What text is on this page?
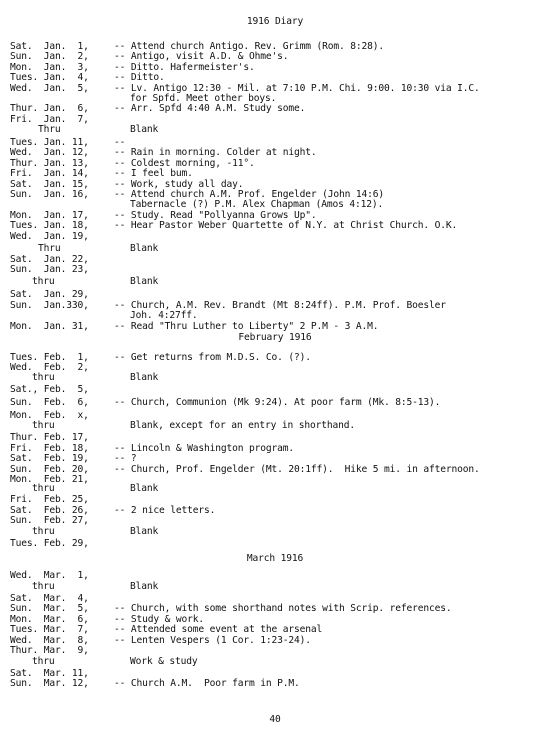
1916 Diary
Sat.  Jan.  1,	-- Attend church Antigo. Rev. Grimm (Rom. 8:28).
Sun.  Jan.  2,	-- Antigo, visit A.D. & Ohme's.
Mon.  Jan.  3,	-- Ditto. Hafermeister's.
Tues. Jan.  4,	-- Ditto.
Wed.  Jan.  5,	-- Lv. Antigo 12:30 - Mil. at 7:10 P.M. Chi. 9:00. 10:30 via I.C.
for Spfd. Meet other boys.
Thur. Jan.  6,	-- Arr. Spfd 4:40 A.M. Study some.
Fri.  Jan.  7,
Thru	Blank
Tues. Jan. 11,	--
Wed.  Jan. 12,	-- Rain in morning. Colder at night.
Thur. Jan. 13,	-- Coldest morning, -11°.
Fri.  Jan. 14,	-- I feel bum.
Sat.  Jan. 15,	-- Work, study all day.
Sun.  Jan. 16,	-- Attend church A.M. Prof. Engelder (John 14:6)
Tabernacle (?) P.M. Alex Chapman (Amos 4:12).
Mon.  Jan. 17,	-- Study. Read "Pollyanna Grows Up".
Tues. Jan. 18,	-- Hear Pastor Weber Quartette of N.Y. at Christ Church. O.K.
Wed.  Jan. 19,
Thru	Blank
Sat.  Jan. 22,
Sun.  Jan. 23,
thru	Blank
Sat.  Jan. 29,
Sun.  Jan.330,	-- Church, A.M. Rev. Brandt (Mt 8:24ff). P.M. Prof. Boesler
Joh. 4:27ff.
Mon.  Jan. 31,	-- Read "Thru Luther to Liberty" 2 P.M - 3 A.M.
February 1916
Tues. Feb.  1,	-- Get returns from M.D.S. Co. (?).
Wed.  Feb.  2,
thru	Blank
Sat., Feb.  5,
Sun.  Feb.  6,	-- Church, Communion (Mk 9:24). At poor farm (Mk. 8:5-13).
Mon.  Feb.  х,
thru	Blank, except for an entry in shorthand.
Thur. Feb. 17,
Fri.  Feb. 18,	-- Lincoln & Washington program.
Sat.  Feb. 19,	-- ?
Sun.  Feb. 20,	-- Church, Prof. Engelder (Mt. 20:1ff).  Hike 5 mi. in afternoon.
Mon.  Feb. 21,
thru	Blank
Fri.  Feb. 25,
Sat.  Feb. 26,	-- 2 nice letters.
Sun.  Feb. 27,
thru	Blank
Tues. Feb. 29,
March 1916
Wed.  Mar.  1,
thru	Blank
Sat.  Mar.  4,
Sun.  Mar.  5,	-- Church, with some shorthand notes with Scrip. references.
Mon.  Mar.  6,	-- Study & work.
Tues. Mar.  7,	-- Attended some event at the arsenal
Wed.  Mar.  8,	-- Lenten Vespers (1 Cor. 1:23-24).
Thur. Mar.  9,
thru	Work & study
Sat.  Mar. 11,
Sun.  Mar. 12,	-- Church A.M.  Poor farm in P.M.
40
